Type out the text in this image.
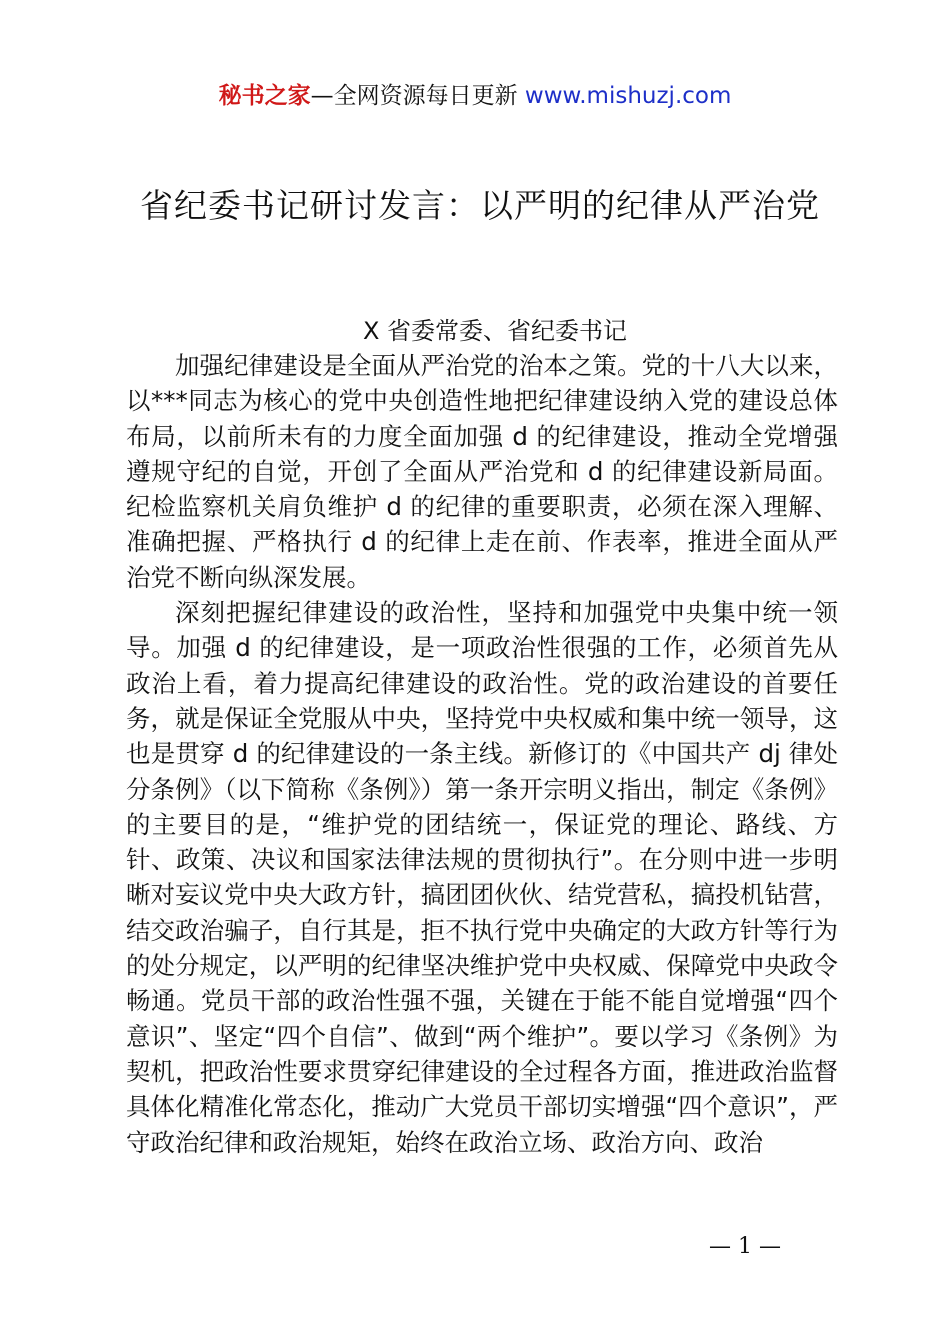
秘书之家—全网资源每日更新 www.mishuzj.com
省纪委书记研讨发言：以严明的纪律从严治党
X 省委常委、省纪委书记

加强纪律建设是全面从严治党的治本之策。党的十八大以来，以***同志为核心的党中央创造性地把纪律建设纳入党的建设总体布局，以前所未有的力度全面加强 d 的纪律建设，推动全党增强遵规守纪的自觉，开创了全面从严治党和 d 的纪律建设新局面。纪检监察机关肩负维护 d 的纪律的重要职责，必须在深入理解、准确把握、严格执行 d 的纪律上走在前、作表率，推进全面从严治党不断向纵深发展。

深刻把握纪律建设的政治性，坚持和加强党中央集中统一领导。加强 d 的纪律建设，是一项政治性很强的工作，必须首先从政治上看，着力提高纪律建设的政治性。党的政治建设的首要任务，就是保证全党服从中央，坚持党中央权威和集中统一领导，这也是贯穿 d 的纪律建设的一条主线。新修订的《中国共产 dj 律处分条例》（以下简称《条例》）第一条开宗明义指出，制定《条例》的主要目的是，“维护党的团结统一，保证党的理论、路线、方针、政策、决议和国家法律法规的贯彻执行”。在分则中进一步明晰对妄议党中央大政方针，搞团团伙伙、结党营私，搞投机钻营，结交政治骗子，自行其是，拒不执行党中央确定的大政方针等行为的处分规定，以严明的纪律坚决维护党中央权威、保障党中央政令畅通。党员干部的政治性强不强，关键在于能不能自觉增强“四个意识”、坚定“四个自信”、做到“两个维护”。要以学习《条例》为契机，把政治性要求贯穿纪律建设的全过程各方面，推进政治监督具体化精准化常态化，推动广大党员干部切实增强“四个意识”，严守政治纪律和政治规矩，始终在政治立场、政治方向、政治

— 1 —
